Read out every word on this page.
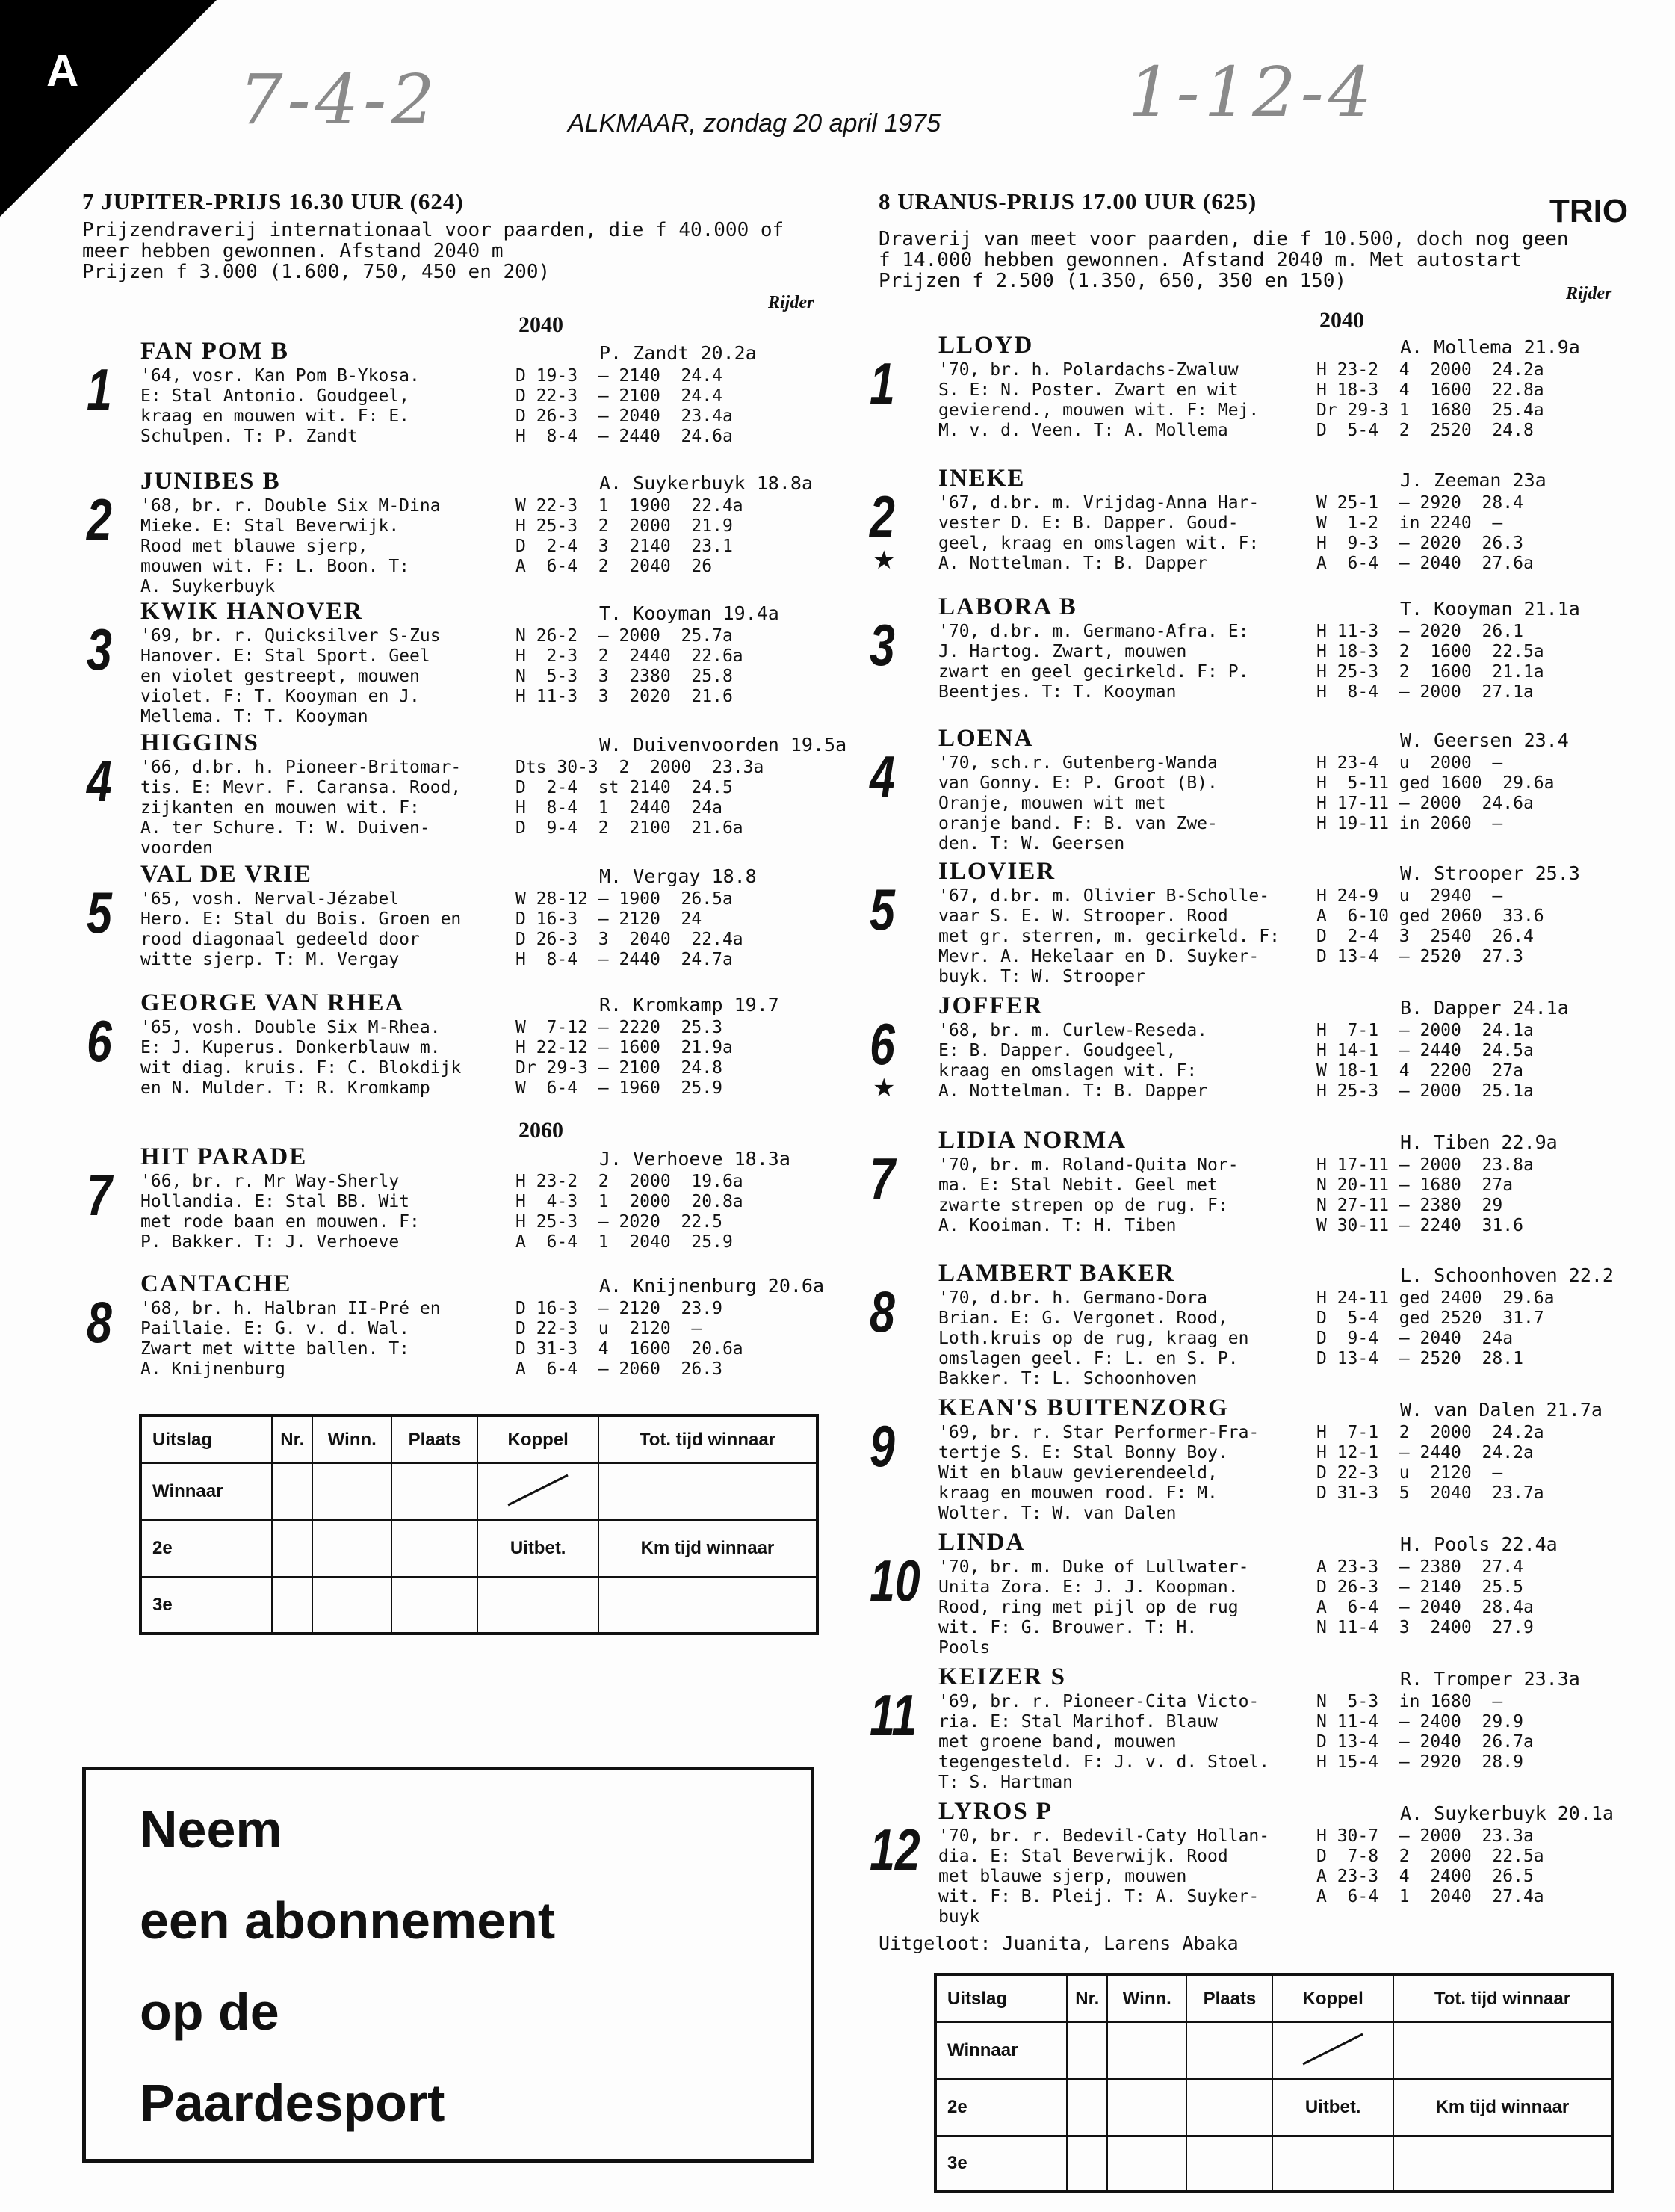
A 7-4-2	1-12-4
ALKMAAR, zondag 20 april 1975
7 JUPITER-PRIJS 16.30 UUR (624)
Prijzendraverij internationaal voor paarden, die f 40.000 of
meer hebben gewonnen. Afstand 2040 m
Prijzen f 3.000 (1.600, 750, 450 en 200)
Rijder
2040
2060
1
FAN POM B	P. Zandt 20.2a
'64, vosr. Kan Pom B-Ykosa.
E: Stal Antonio. Goudgeel,
kraag en mouwen wit. F: E.
Schulpen. T: P. Zandt
D 19-3  — 2140  24.4
D 22-3  — 2100  24.4
D 26-3  — 2040  23.4a
H  8-4  — 2440  24.6a
2
JUNIBES B	A. Suykerbuyk 18.8a
'68, br. r. Double Six M-Dina
Mieke. E: Stal Beverwijk.
Rood met blauwe sjerp,
mouwen wit. F: L. Boon. T:
A. Suykerbuyk
W 22-3  1  1900  22.4a
H 25-3  2  2000  21.9
D  2-4  3  2140  23.1
A  6-4  2  2040  26
3
KWIK HANOVER	T. Kooyman 19.4a
'69, br. r. Quicksilver S-Zus
Hanover. E: Stal Sport. Geel
en violet gestreept, mouwen
violet. F: T. Kooyman en J.
Mellema. T: T. Kooyman
N 26-2  — 2000  25.7a
H  2-3  2  2440  22.6a
N  5-3  3  2380  25.8
H 11-3  3  2020  21.6
4
HIGGINS	W. Duivenvoorden 19.5a
'66, d.br. h. Pioneer-Britomar-
tis. E: Mevr. F. Caransa. Rood,
zijkanten en mouwen wit. F:
A. ter Schure. T: W. Duiven-
voorden
Dts 30-3  2  2000  23.3a
D  2-4  st 2140  24.5
H  8-4  1  2440  24a
D  9-4  2  2100  21.6a
5
VAL DE VRIE	M. Vergay 18.8
'65, vosh. Nerval-Jézabel
Hero. E: Stal du Bois. Groen en
rood diagonaal gedeeld door
witte sjerp. T: M. Vergay
W 28-12 — 1900  26.5a
D 16-3  — 2120  24
D 26-3  3  2040  22.4a
H  8-4  — 2440  24.7a
6
GEORGE VAN RHEA	R. Kromkamp 19.7
'65, vosh. Double Six M-Rhea.
E: J. Kuperus. Donkerblauw m.
wit diag. kruis. F: C. Blokdijk
en N. Mulder. T: R. Kromkamp
W  7-12 — 2220  25.3
H 22-12 — 1600  21.9a
Dr 29-3 — 2100  24.8
W  6-4  — 1960  25.9
7
HIT PARADE	J. Verhoeve 18.3a
'66, br. r. Mr Way-Sherly
Hollandia. E: Stal BB. Wit
met rode baan en mouwen. F:
P. Bakker. T: J. Verhoeve
H 23-2  2  2000  19.6a
H  4-3  1  2000  20.8a
H 25-3  — 2020  22.5
A  6-4  1  2040  25.9
8
CANTACHE	A. Knijnenburg 20.6a
'68, br. h. Halbran II-Pré en
Paillaie. E: G. v. d. Wal.
Zwart met witte ballen. T:
A. Knijnenburg
D 16-3  — 2120  23.9
D 22-3  u  2120  —
D 31-3  4  1600  20.6a
A  6-4  — 2060  26.3
8 URANUS-PRIJS 17.00 UUR (625)
Draverij van meet voor paarden, die f 10.500, doch nog geen
f 14.000 hebben gewonnen. Afstand 2040 m. Met autostart
Prijzen f 2.500 (1.350, 650, 350 en 150)
TRIO
Rijder
2040
1
LLOYD	A. Mollema 21.9a
'70, br. h. Polardachs-Zwaluw
S. E: N. Poster. Zwart en wit
gevierend., mouwen wit. F: Mej.
M. v. d. Veen. T: A. Mollema
H 23-2  4  2000  24.2a
H 18-3  4  1600  22.8a
Dr 29-3 1  1680  25.4a
D  5-4  2  2520  24.8
2
INEKE	J. Zeeman 23a
'67, d.br. m. Vrijdag-Anna Har-
vester D. E: B. Dapper. Goud-
geel, kraag en omslagen wit. F:
A. Nottelman. T: B. Dapper
W 25-1  — 2920  28.4
W  1-2  in 2240  —
H  9-3  — 2020  26.3
A  6-4  — 2040  27.6a
★
3
LABORA B	T. Kooyman 21.1a
'70, d.br. m. Germano-Afra. E:
J. Hartog. Zwart, mouwen
zwart en geel gecirkeld. F: P.
Beentjes. T: T. Kooyman
H 11-3  — 2020  26.1
H 18-3  2  1600  22.5a
H 25-3  2  1600  21.1a
H  8-4  — 2000  27.1a
4
LOENA	W. Geersen 23.4
'70, sch.r. Gutenberg-Wanda
van Gonny. E: P. Groot (B).
Oranje, mouwen wit met
oranje band. F: B. van Zwe-
den. T: W. Geersen
H 23-4  u  2000  —
H  5-11 ged 1600  29.6a
H 17-11 — 2000  24.6a
H 19-11 in 2060  —
5
ILOVIER	W. Strooper 25.3
'67, d.br. m. Olivier B-Scholle-
vaar S. E. W. Strooper. Rood
met gr. sterren, m. gecirkeld. F:
Mevr. A. Hekelaar en D. Suyker-
buyk. T: W. Strooper
H 24-9  u  2940  —
A  6-10 ged 2060  33.6
D  2-4  3  2540  26.4
D 13-4  — 2520  27.3
6
JOFFER	B. Dapper 24.1a
'68, br. m. Curlew-Reseda.
E: B. Dapper. Goudgeel,
kraag en omslagen wit. F:
A. Nottelman. T: B. Dapper
H  7-1  — 2000  24.1a
H 14-1  — 2440  24.5a
W 18-1  4  2200  27a
H 25-3  — 2000  25.1a
★
7
LIDIA NORMA	H. Tiben 22.9a
'70, br. m. Roland-Quita Nor-
ma. E: Stal Nebit. Geel met
zwarte strepen op de rug. F:
A. Kooiman. T: H. Tiben
H 17-11 — 2000  23.8a
N 20-11 — 1680  27a
N 27-11 — 2380  29
W 30-11 — 2240  31.6
8
LAMBERT BAKER	L. Schoonhoven 22.2
'70, d.br. h. Germano-Dora
Brian. E: G. Vergonet. Rood,
Loth.kruis op de rug, kraag en
omslagen geel. F: L. en S. P.
Bakker. T: L. Schoonhoven
H 24-11 ged 2400  29.6a
D  5-4  ged 2520  31.7
D  9-4  — 2040  24a
D 13-4  — 2520  28.1
9
KEAN'S BUITENZORG	W. van Dalen 21.7a
'69, br. r. Star Performer-Fra-
tertje S. E: Stal Bonny Boy.
Wit en blauw gevierendeeld,
kraag en mouwen rood. F: M.
Wolter. T: W. van Dalen
H  7-1  2  2000  24.2a
H 12-1  — 2440  24.2a
D 22-3  u  2120  —
D 31-3  5  2040  23.7a
10
LINDA	H. Pools 22.4a
'70, br. m. Duke of Lullwater-
Unita Zora. E: J. J. Koopman.
Rood, ring met pijl op de rug
wit. F: G. Brouwer. T: H.
Pools
A 23-3  — 2380  27.4
D 26-3  — 2140  25.5
A  6-4  — 2040  28.4a
N 11-4  3  2400  27.9
11
KEIZER S	R. Tromper 23.3a
'69, br. r. Pioneer-Cita Victo-
ria. E: Stal Marihof. Blauw
met groene band, mouwen
tegengesteld. F: J. v. d. Stoel.
T: S. Hartman
N  5-3  in 1680  —
N 11-4  — 2400  29.9
D 13-4  — 2040  26.7a
H 15-4  — 2920  28.9
12
LYROS P	A. Suykerbuyk 20.1a
'70, br. r. Bedevil-Caty Hollan-
dia. E: Stal Beverwijk. Rood
met blauwe sjerp, mouwen
wit. F: B. Pleij. T: A. Suyker-
buyk
H 30-7  — 2000  23.3a
D  7-8  2  2000  22.5a
A 23-3  4  2400  26.5
A  6-4  1  2040  27.4a
Uitgeloot: Juanita, Larens Abaka
Uitslag	Nr.	Winn.	Plaats	Koppel	Tot. tijd winnaar
Winnaar					
2e				Uitbet.	Km tijd winnaar
3e					
Neem
een abonnement
op de
Paardesport
Uitslag	Nr.	Winn.	Plaats	Koppel	Tot. tijd winnaar
Winnaar					
2e				Uitbet.	Km tijd winnaar
3e					
